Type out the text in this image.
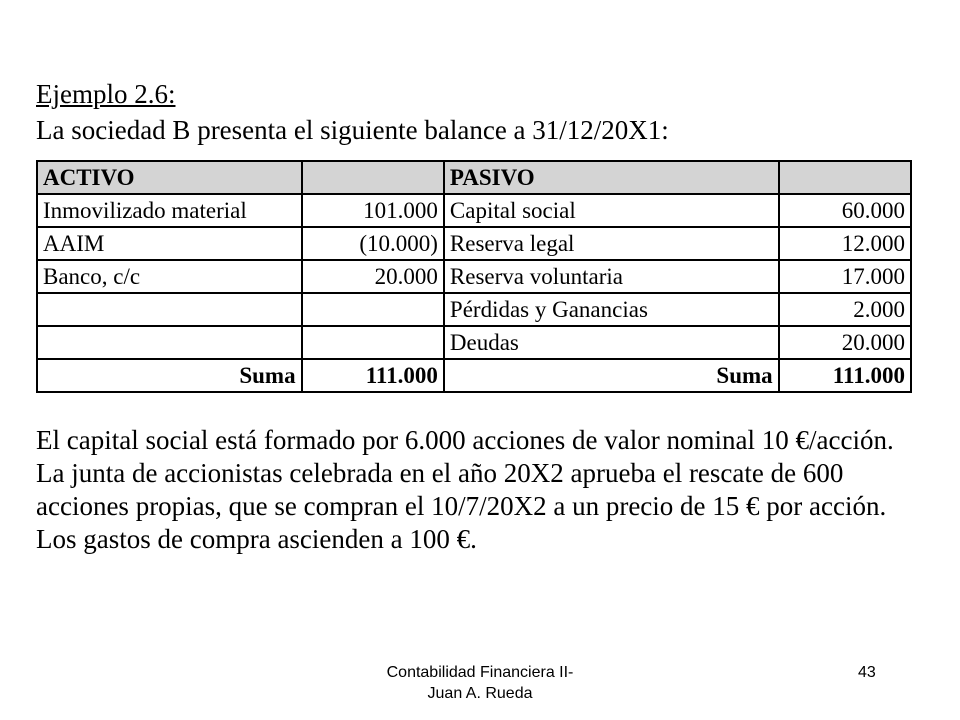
Ejemplo 2.6:
La sociedad B presenta el siguiente balance a 31/12/20X1:
ACTIVO		PASIVO	
Inmovilizado material	101.000	Capital social	60.000
AAIM	(10.000)	Reserva legal	12.000
Banco, c/c	20.000	Reserva voluntaria	17.000
		Pérdidas y Ganancias	2.000
		Deudas	20.000
Suma	111.000	Suma	111.000

El capital social está formado por 6.000 acciones de valor nominal 10 €/acción.

La junta de accionistas celebrada en el año 20X2 aprueba el rescate de 600 acciones propias, que se compran el 10/7/20X2 a un precio de 15 € por acción. Los gastos de compra ascienden a 100 €.

Contabilidad Financiera II-
Juan A. Rueda
43
